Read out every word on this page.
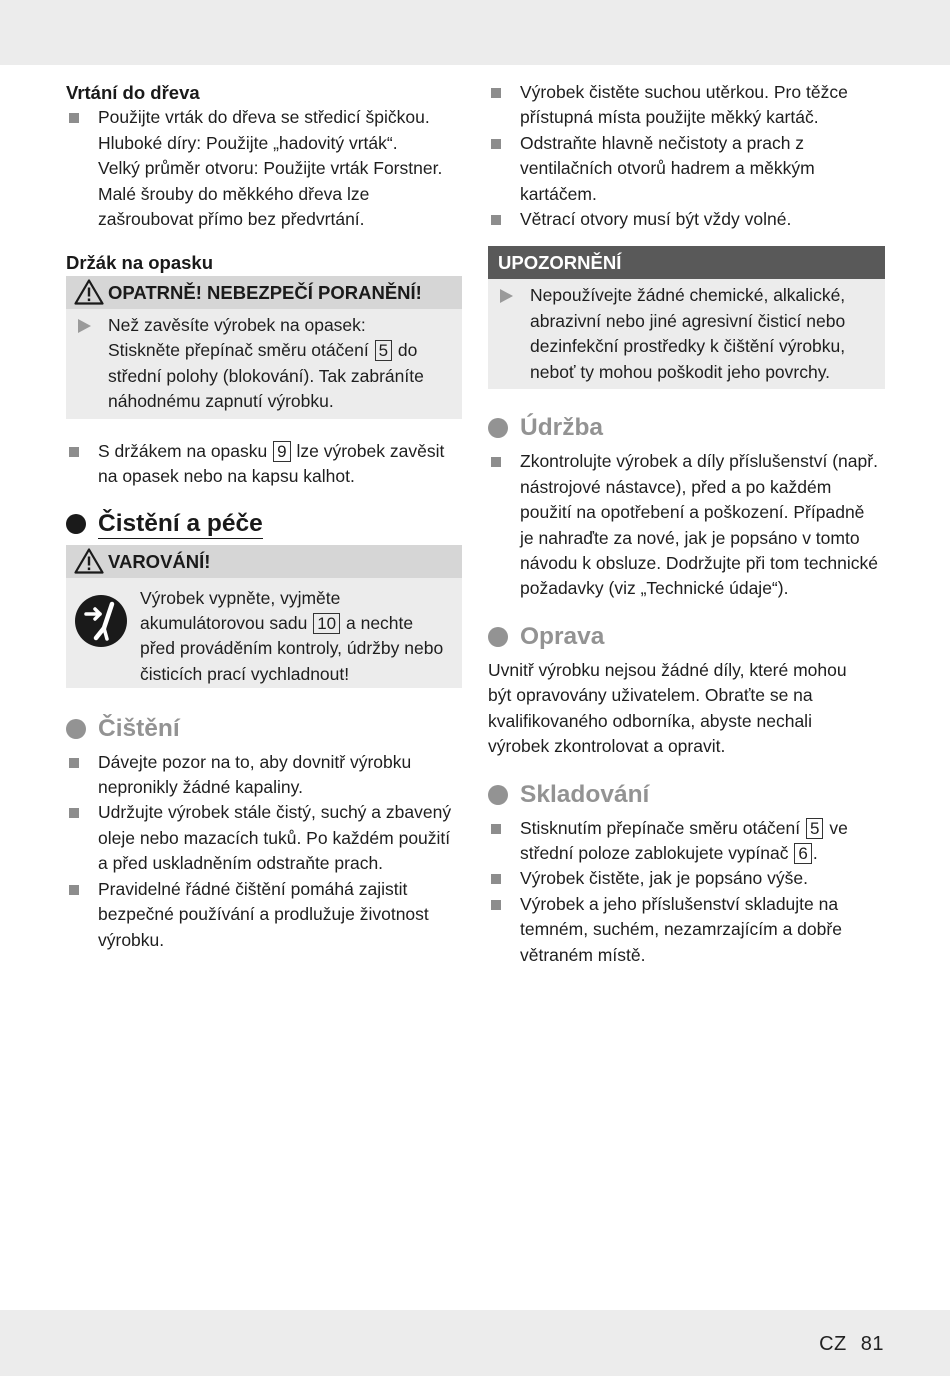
Vrtání do dřeva
Použijte vrták do dřeva se středicí špičkou.
Hluboké díry: Použijte „hadovitý vrták“.
Velký průměr otvoru: Použijte vrták Forstner.
Malé šrouby do měkkého dřeva lze
zašroubovat přímo bez předvrtání.
Držák na opasku
OPATRNĚ! NEBEZPEČÍ PORANĚNÍ!
Než zavěsíte výrobek na opasek:
Stiskněte přepínač směru otáčení 5 do
střední polohy (blokování). Tak zabráníte
náhodnému zapnutí výrobku.
S držákem na opasku 9 lze výrobek zavěsit
na opasek nebo na kapsu kalhot.
Čistění a péče
VAROVÁNÍ!
Výrobek vypněte, vyjměte
akumulátorovou sadu 10 a nechte
před prováděním kontroly, údržby nebo
čisticích prací vychladnout!
Čištění
Dávejte pozor na to, aby dovnitř výrobku
nepronikly žádné kapaliny.
Udržujte výrobek stále čistý, suchý a zbavený
oleje nebo mazacích tuků. Po každém použití
a před uskladněním odstraňte prach.
Pravidelné řádné čištění pomáhá zajistit
bezpečné používání a prodlužuje životnost
výrobku.
Výrobek čistěte suchou utěrkou. Pro těžce
přístupná místa použijte měkký kartáč.
Odstraňte hlavně nečistoty a prach z
ventilačních otvorů hadrem a měkkým
kartáčem.
Větrací otvory musí být vždy volné.
UPOZORNĚNÍ
Nepoužívejte žádné chemické, alkalické,
abrazivní nebo jiné agresivní čisticí nebo
dezinfekční prostředky k čištění výrobku,
neboť ty mohou poškodit jeho povrchy.
Údržba
Zkontrolujte výrobek a díly příslušenství (např.
nástrojové nástavce), před a po každém
použití na opotřebení a poškození. Případně
je nahraďte za nové, jak je popsáno v tomto
návodu k obsluze. Dodržujte při tom technické
požadavky (viz „Technické údaje“).
Oprava
Uvnitř výrobku nejsou žádné díly, které mohou
být opravovány uživatelem. Obraťte se na
kvalifikovaného odborníka, abyste nechali
výrobek zkontrolovat a opravit.
Skladování
Stisknutím přepínače směru otáčení 5 ve
střední poloze zablokujete vypínač 6 .
Výrobek čistěte, jak je popsáno výše.
Výrobek a jeho příslušenství skladujte na
temném, suchém, nezamrzajícím a dobře
větraném místě.
CZ 81
